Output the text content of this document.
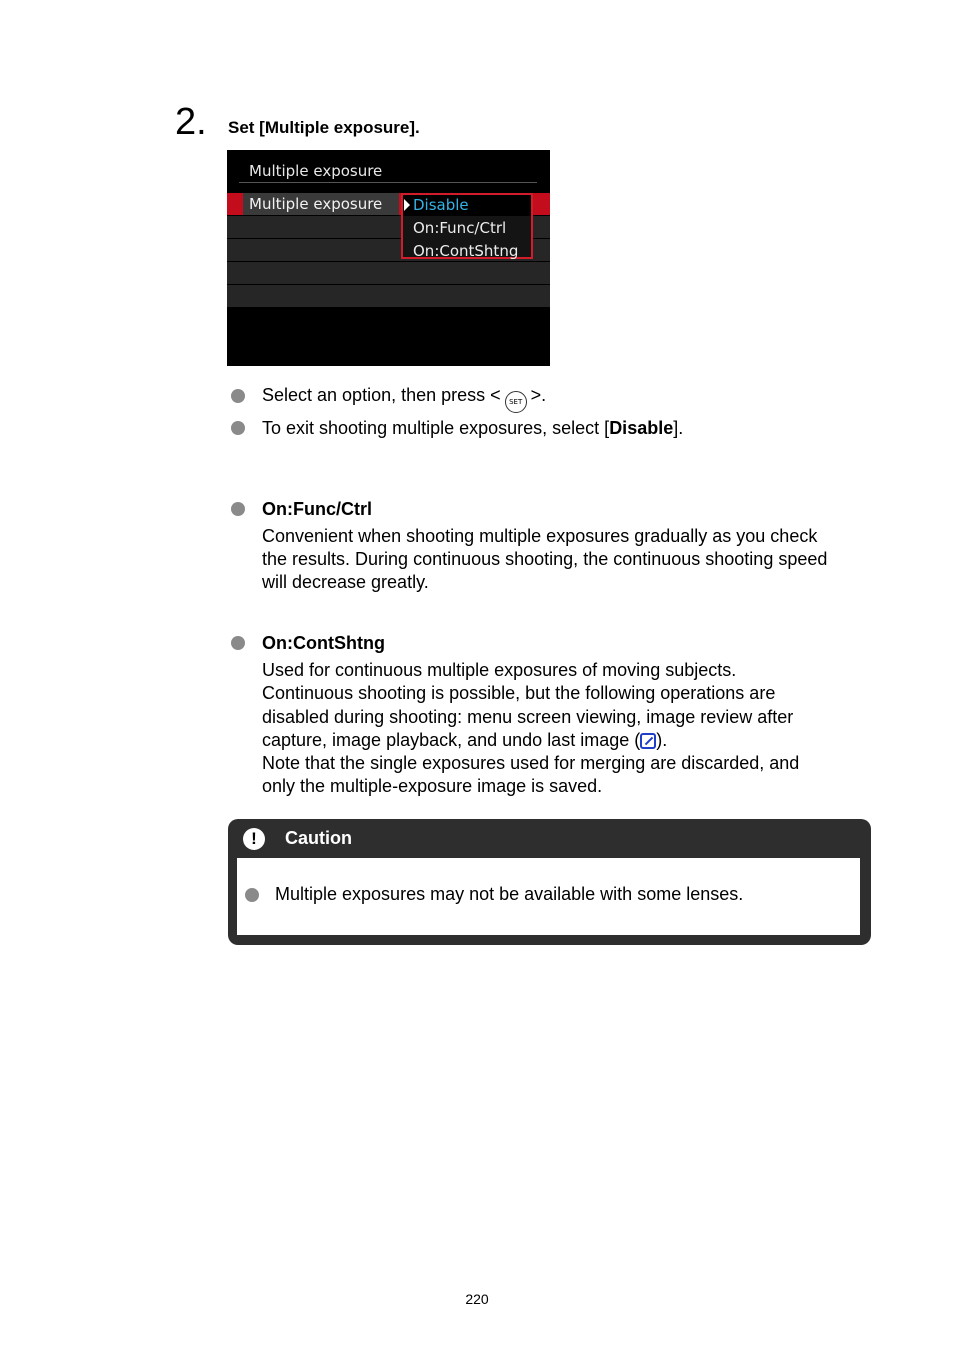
2. Set [Multiple exposure].
Multiple exposure
Multiple exposure Disable
On:Func/Ctrl
On:ContShtng
Select an option, then press < SET >.
To exit shooting multiple exposures, select [Disable].
On:Func/Ctrl
Convenient when shooting multiple exposures gradually as you check
the results. During continuous shooting, the continuous shooting speed
will decrease greatly.
On:ContShtng
Used for continuous multiple exposures of moving subjects.
Continuous shooting is possible, but the following operations are
disabled during shooting: menu screen viewing, image review after
capture, image playback, and undo last image ( ).
Note that the single exposures used for merging are discarded, and
only the multiple-exposure image is saved.
!	Caution
Multiple exposures may not be available with some lenses.
220
